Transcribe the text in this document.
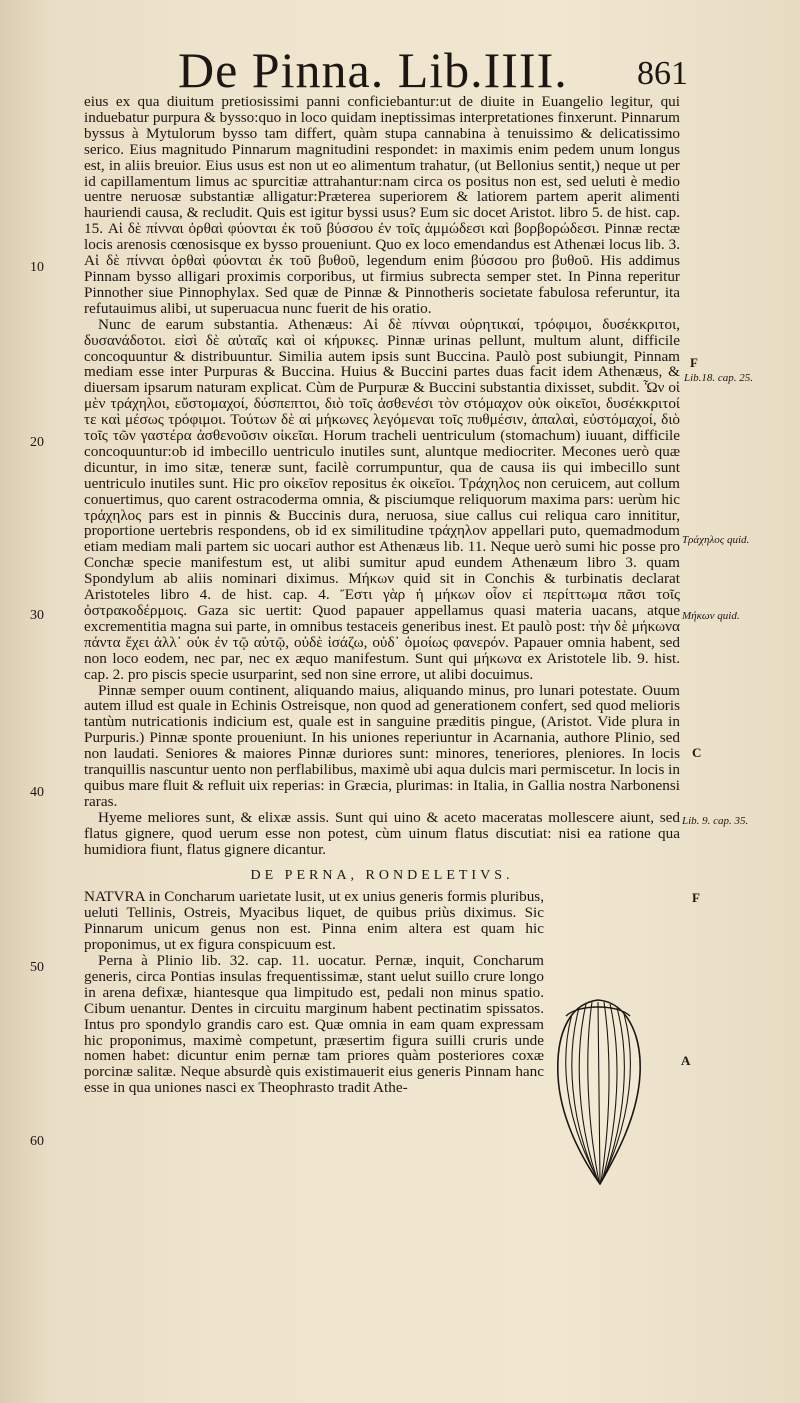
De Pinna. Lib.IIII. 861

eius ex qua diuitum pretiosissimi panni conficiebantur:ut de diuite in Euangelio legitur, qui induebatur purpura & bysso:quo in loco quidam ineptissimas interpretationes finxerunt. Pinnarum byssus à Mytulorum bysso tam differt, quàm stupa cannabina à tenuissimo & delicatissimo serico. Eius magnitudo Pinnarum magnitudini respondet: in maximis enim pedem unum longus est, in aliis breuior. Eius usus est non ut eo alimentum trahatur, (ut Bellonius sentit,) neque ut per id capillamentum limus ac spurcitiæ attrahantur:nam circa os positus non est, sed ueluti è medio uentre neruosæ substantiæ alligatur:Præterea superiorem & latiorem partem aperit alimenti hauriendi causa, & recludit. Quis est igitur byssi usus? Eum sic docet Aristot. libro 5. de hist. cap. 15. Αἱ δὲ πίνναι ὀρθαὶ φύονται ἐκ τοῦ βύσσου ἐν τοῖς ἀμμώδεσι καὶ βορβορώδεσι. Pinnæ rectæ locis arenosis cœnosisque ex bysso proueniunt. Quo ex loco emendandus est Athenæi locus lib. 3. Αἱ δὲ πίνναι ὀρθαὶ φύονται ἐκ τοῦ βυθοῦ, legendum enim βύσσου pro βυθοῦ. His addimus Pinnam bysso alligari proximis corporibus, ut firmius subrecta semper stet. In Pinna reperitur Pinnother siue Pinnophylax. Sed quæ de Pinnæ & Pinnotheris societate fabulosa referuntur, ita refutauimus alibi, ut superuacua nunc fuerit de his oratio.

Nunc de earum substantia. Athenæus: Αἱ δὲ πίνναι οὐρητικαί, τρόφιμοι, δυσέκκριτοι, δυσανάδοτοι. εἰσὶ δὲ αὐταῖς καὶ οἱ κήρυκες. Pinnæ urinas pellunt, multum alunt, difficile concoquuntur & distribuuntur. Similia autem ipsis sunt Buccina. Paulò post subiungit, Pinnam mediam esse inter Purpuras & Buccina. Huius & Buccini partes duas facit idem Athenæus, & diuersam ipsarum naturam explicat. Cùm de Purpuræ & Buccini substantia dixisset, subdit. Ὧν οἱ μὲν τράχηλοι, εὔστομαχοί, δύσπεπτοι, διὸ τοῖς ἀσθενέσι τὸν στόμαχον οὐκ οἰκεῖοι, δυσέκκριτοί τε καὶ μέσως τρόφιμοι. Τούτων δὲ αἱ μήκωνες λεγόμεναι τοῖς πυθμέσιν, ἁπαλαὶ, εὐστόμαχοί, διὸ τοῖς τῶν γαστέρα ἀσθενοῦσιν οἰκεῖαι. Horum tracheli uentriculum (stomachum) iuuant, difficile concoquuntur:ob id imbecillo uentriculo inutiles sunt, aluntque mediocriter. Mecones uerò quæ dicuntur, in imo sitæ, teneræ sunt, facilè corrumpuntur, qua de causa iis qui imbecillo sunt uentriculo inutiles sunt. Hic pro οἰκεῖον repositus ἐκ οἰκεῖοι. Τράχηλος non ceruicem, aut collum conuertimus, quo carent ostracoderma omnia, & pisciumque reliquorum maxima pars: uerùm hic τράχηλος pars est in pinnis & Buccinis dura, neruosa, siue callus cui reliqua caro innititur, proportione uertebris respondens, ob id ex similitudine τράχηλον appellari puto, quemadmodum etiam mediam mali partem sic uocari author est Athenæus lib. 11. Neque uerò sumi hic posse pro Conchæ specie manifestum est, ut alibi sumitur apud eundem Athenæum libro 3. quam Spondylum ab aliis nominari diximus. Μήκων quid sit in Conchis & turbinatis declarat Aristoteles libro 4. de hist. cap. 4. Ἔστι γὰρ ἡ μήκων οἷον εἰ περίττωμα πᾶσι τοῖς ὀστρακοδέρμοις. Gaza sic uertit: Quod papauer appellamus quasi materia uacans, atque excrementitia magna sui parte, in omnibus testaceis generibus inest. Et paulò post: τὴν δὲ μήκωνα πάντα ἔχει ἀλλ᾽ οὐκ ἐν τῷ αὐτῷ, οὐδὲ ἰσάζω, οὐδ᾽ ὁμοίως φανερόν. Papauer omnia habent, sed non loco eodem, nec par, nec ex æquo manifestum. Sunt qui μήκωνα ex Aristotele lib. 9. hist. cap. 2. pro piscis specie usurparint, sed non sine errore, ut alibi docuimus.

Pinnæ semper ouum continent, aliquando maius, aliquando minus, pro lunari potestate. Ouum autem illud est quale in Echinis Ostreisque, non quod ad generationem confert, sed quod melioris tantùm nutricationis indicium est, quale est in sanguine præditis pingue, (Aristot. Vide plura in Purpuris.) Pinnæ sponte proueniunt. In his uniones reperiuntur in Acarnania, authore Plinio, sed non laudati. Seniores & maiores Pinnæ duriores sunt: minores, teneriores, pleniores. In locis tranquillis nascuntur uento non perflabilibus, maximè ubi aqua dulcis mari permiscetur. In locis in quibus mare fluit & refluit uix reperias: in Græcia, plurimas: in Italia, in Gallia nostra Narbonensi raras.

Hyeme meliores sunt, & elixæ assis. Sunt qui uino & aceto maceratas mollescere aiunt, sed flatus gignere, quod uerum esse non potest, cùm uinum flatus discutiat: nisi ea ratione qua humidiora fiunt, flatus gignere dicantur.

DE PERNA, RONDELETIVS.

NATVRA in Concharum uarietate lusit, ut ex unius generis formis pluribus, ueluti Tellinis, Ostreis, Myacibus liquet, de quibus priùs diximus. Sic Pinnarum unicum genus non est. Pinna enim altera est quam hic proponimus, ut ex figura conspicuum est.

Perna à Plinio lib. 32. cap. 11. uocatur. Pernæ, inquit, Concharum generis, circa Pontias insulas frequentissimæ, stant uelut suillo crure longo in arena defixæ, hiantesque qua limpitudo est, pedali non minus spatio. Cibum uenantur. Dentes in circuitu marginum habent pectinatim spissatos. Intus pro spondylo grandis caro est. Quæ omnia in eam quam expressam hic proponimus, maximè competunt, præsertim figura suilli cruris unde nomen habet: dicuntur enim pernæ tam priores quàm posteriores coxæ porcinæ salitæ. Neque absurdè quis existimauerit eius generis Pinnam hanc esse in qua uniones nasci ex Theophrasto tradit Athe-

10
20
30
40
50
60
F
Lib.18. cap. 25.
Τράχηλος quid.
Μήκων quid.
C
Lib. 9. cap. 35.
F
A
